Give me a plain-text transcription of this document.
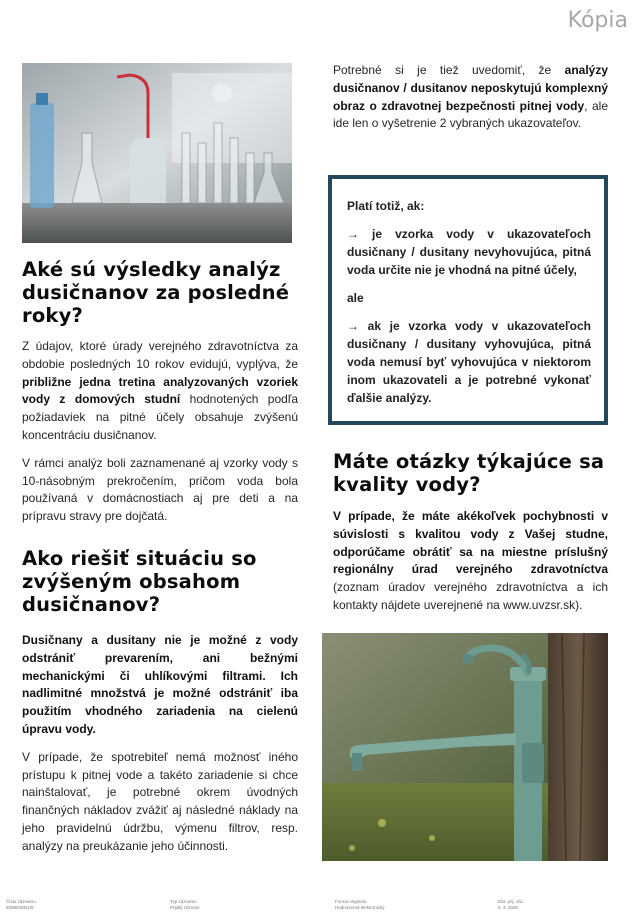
Kópia
Aké sú výsledky analýz dusičnanov za posledné roky?

Z údajov, ktoré úrady verejného zdravotníctva za obdobie posledných 10 rokov evidujú, vyplýva, že približne jedna tretina analyzovaných vzoriek vody z domových studní hodnotených podľa požiadaviek na pitné účely obsahuje zvýšenú koncentráciu dusičnanov.

V rámci analýz boli zaznamenané aj vzorky vody s 10-násobným prekročením, pričom voda bola používaná v domácnostiach aj pre deti a na prípravu stravy pre dojčatá.

Ako riešiť situáciu so zvýšeným obsahom dusičnanov?

Dusičnany a dusitany nie je možné z vody odstrániť prevarením, ani bežnými mechanickými či uhlíkovými filtrami. Ich nadlimitné množstvá je možné odstrániť iba použitím vhodného zariadenia na cielenú úpravu vody.

V prípade, že spotrebiteľ nemá možnosť iného prístupu k pitnej vode a takéto zariadenie si chce nainštalovať, je potrebné okrem úvodných finančných nákladov zvážiť aj následné náklady na jeho pravidelnú údržbu, výmenu filtrov, resp. analýzy na preukázanie jeho účinnosti.

Potrebné si je tiež uvedomiť, že analýzy dusičnanov / dusitanov neposkytujú komplexný obraz o zdravotnej bezpečnosti pitnej vody, ale ide len o vyšetrenie 2 vybraných ukazovateľov.

Platí totiž, ak:

→ je vzorka vody v ukazovateľoch dusičnany / dusitany nevyhovujúca, pitná voda určite nie je vhodná na pitné účely,

ale

→ ak je vzorka vody v ukazovateľoch dusičnany / dusitany vyhovujúca, pitná voda nemusí byť vyhovujúca v niektorom inom ukazovateli a je potrebné vykonať ďalšie analýzy.

Máte otázky týkajúce sa kvality vody?

V prípade, že máte akékoľvek pochybnosti v súvislosti s kvalitou vody z Vašej studne, odporúčame obrátiť sa na miestne príslušný regionálny úrad verejného zdravotníctva (zoznam úradov verejného zdravotníctva a ich kontakty nájdete uverejnené na www.uvzsr.sk).

Číslo záznamu
20080305/1/8
Typ záznamu
Prijatý záznam
Forma originálu
Hodnoverná elektronický
Dát. prij. záz.
5. 3. 2020
